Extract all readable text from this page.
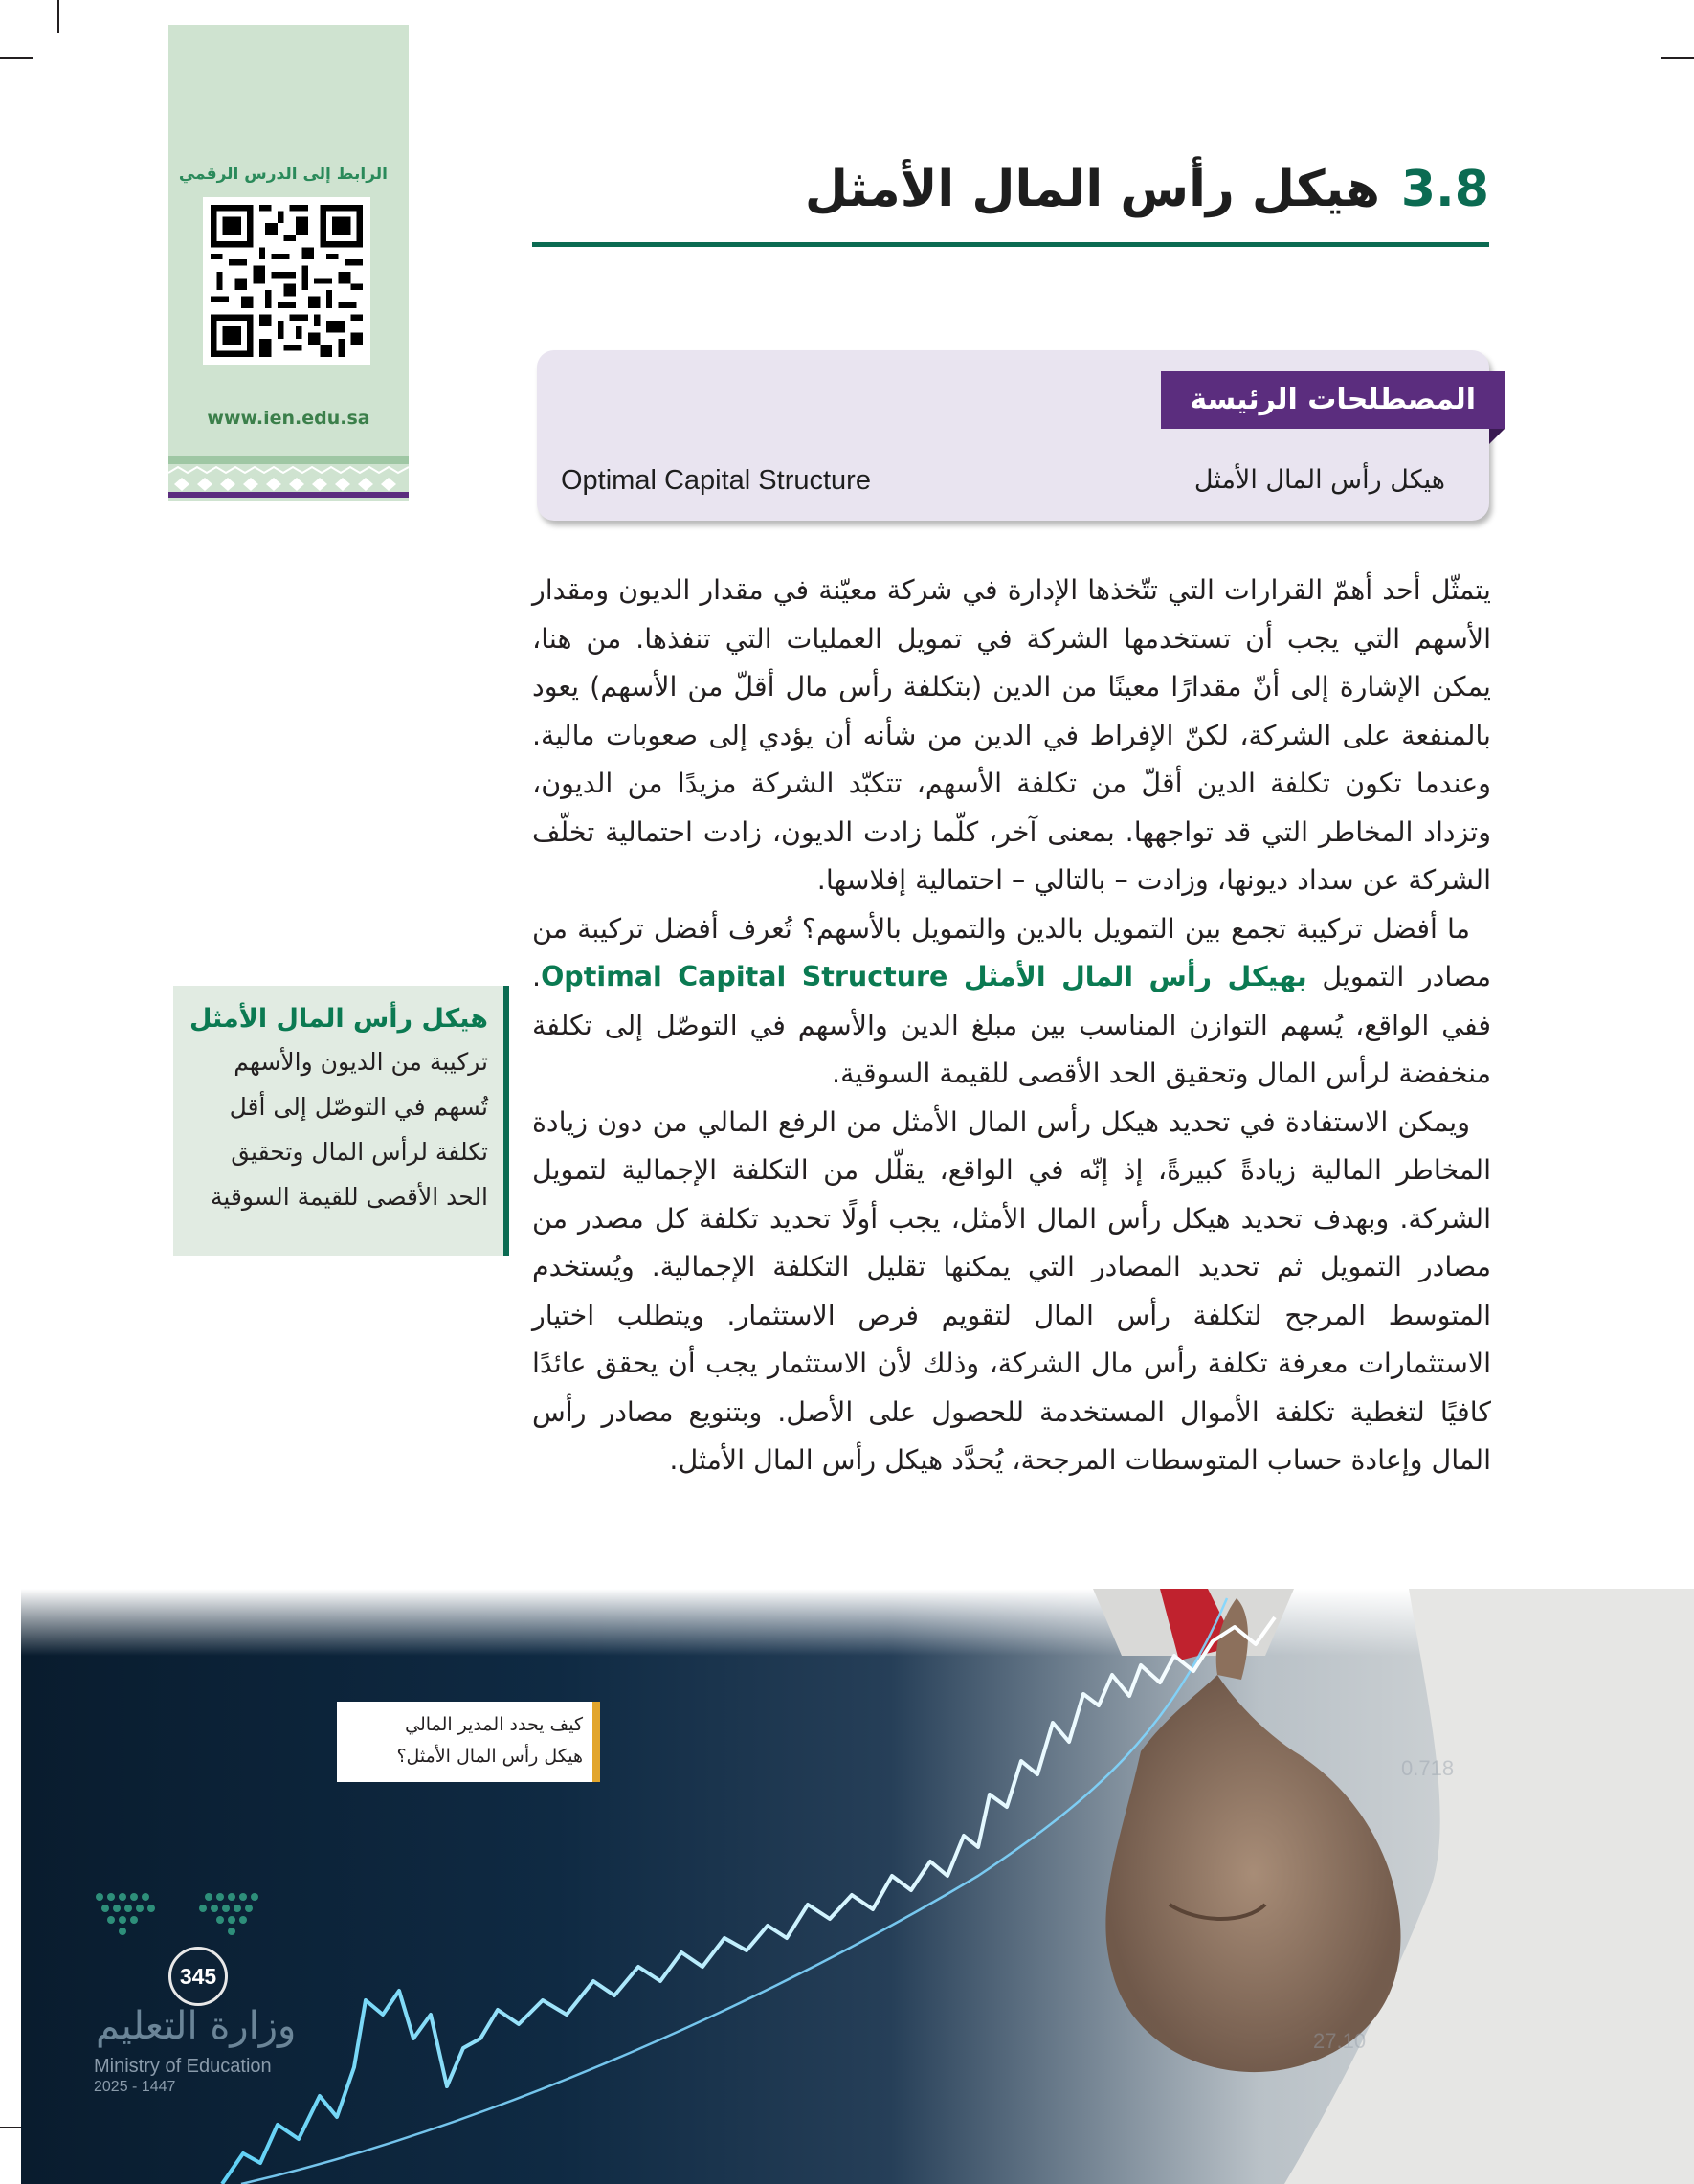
الرابط إلى الدرس الرقمي
www.ien.edu.sa
3.8هيكل رأس المال الأمثل
المصطلحات الرئيسة
هيكل رأس المال الأمثل
Optimal Capital Structure

يتمثّل أحد أهمّ القرارات التي تتّخذها الإدارة في شركة معيّنة في مقدار الديون ومقدار الأسهم التي يجب أن تستخدمها الشركة في تمويل العمليات التي تنفذها. من هنا، يمكن الإشارة إلى أنّ مقدارًا معينًا من الدين (بتكلفة رأس مال أقلّ من الأسهم) يعود بالمنفعة على الشركة، لكنّ الإفراط في الدين من شأنه أن يؤدي إلى صعوبات مالية. وعندما تكون تكلفة الدين أقلّ من تكلفة الأسهم، تتكبّد الشركة مزيدًا من الديون، وتزداد المخاطر التي قد تواجهها. بمعنى آخر، كلّما زادت الديون، زادت احتمالية تخلّف الشركة عن سداد ديونها، وزادت – بالتالي – احتمالية إفلاسها.

ما أفضل تركيبة تجمع بين التمويل بالدين والتمويل بالأسهم؟ تُعرف أفضل تركيبة من مصادر التمويل بهيكل رأس المال الأمثل Optimal Capital Structure. ففي الواقع، يُسهم التوازن المناسب بين مبلغ الدين والأسهم في التوصّل إلى تكلفة منخفضة لرأس المال وتحقيق الحد الأقصى للقيمة السوقية.

ويمكن الاستفادة في تحديد هيكل رأس المال الأمثل من الرفع المالي من دون زيادة المخاطر المالية زيادةً كبيرةً، إذ إنّه في الواقع، يقلّل من التكلفة الإجمالية لتمويل الشركة. وبهدف تحديد هيكل رأس المال الأمثل، يجب أولًا تحديد تكلفة كل مصدر من مصادر التمويل ثم تحديد المصادر التي يمكنها تقليل التكلفة الإجمالية. ويُستخدم المتوسط المرجح لتكلفة رأس المال لتقويم فرص الاستثمار. ويتطلب اختيار الاستثمارات معرفة تكلفة رأس مال الشركة، وذلك لأن الاستثمار يجب أن يحقق عائدًا كافيًا لتغطية تكلفة الأموال المستخدمة للحصول على الأصل. وبتنويع مصادر رأس المال وإعادة حساب المتوسطات المرجحة، يُحدَّد هيكل رأس المال الأمثل.

هيكل رأس المال الأمثل
تركيبة من الديون والأسهم تُسهم في التوصّل إلى أقل تكلفة لرأس المال وتحقيق الحد الأقصى للقيمة السوقية
0.718
27.10
كيف يحدد المدير المالي
هيكل رأس المال الأمثل؟
345
وزارة التعليم
Ministry of Education
2025 - 1447
